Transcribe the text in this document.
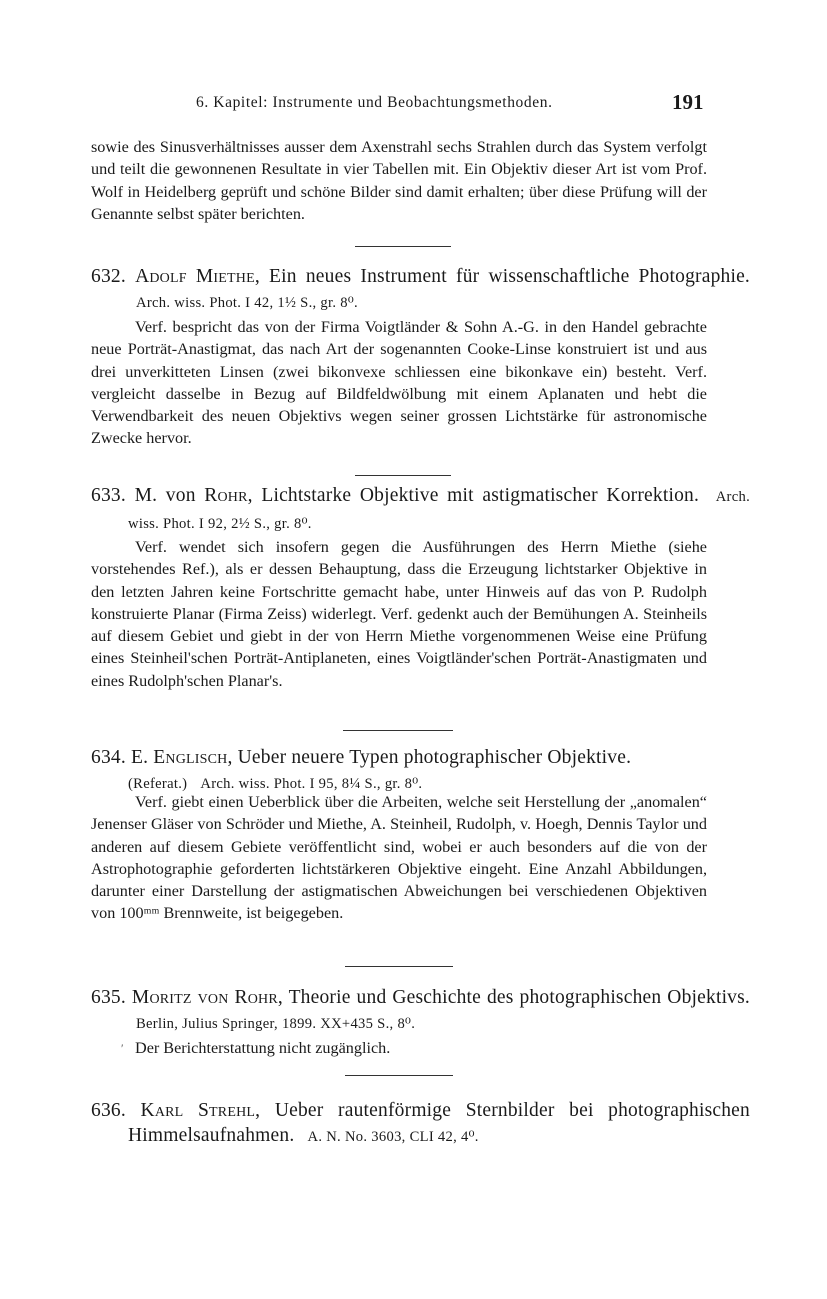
6. Kapitel: Instrumente und Beobachtungsmethoden.	191

sowie des Sinusverhältnisses ausser dem Axenstrahl sechs Strahlen durch das System verfolgt und teilt die gewonnenen Resultate in vier Tabellen mit. Ein Objektiv dieser Art ist vom Prof. Wolf in Heidelberg geprüft und schöne Bilder sind damit erhalten; über diese Prüfung will der Genannte selbst später berichten.

632. Adolf Miethe, Ein neues Instrument für wissenschaftliche Photographie. Arch. wiss. Phot. I 42, 1½ S., gr. 8⁰.

Verf. bespricht das von der Firma Voigtländer & Sohn A.-G. in den Handel gebrachte neue Porträt-Anastigmat, das nach Art der sogenannten Cooke-Linse konstruiert ist und aus drei unverkitteten Linsen (zwei bikonvexe schliessen eine bikonkave ein) besteht. Verf. vergleicht dasselbe in Bezug auf Bildfeldwölbung mit einem Aplanaten und hebt die Verwendbarkeit des neuen Objektivs wegen seiner grossen Lichtstärke für astronomische Zwecke hervor.

633. M. von Rohr, Lichtstarke Objektive mit astigmatischer Korrektion. Arch. wiss. Phot. I 92, 2½ S., gr. 8⁰.

Verf. wendet sich insofern gegen die Ausführungen des Herrn Miethe (siehe vorstehendes Ref.), als er dessen Behauptung, dass die Erzeugung lichtstarker Objektive in den letzten Jahren keine Fortschritte gemacht habe, unter Hinweis auf das von P. Rudolph konstruierte Planar (Firma Zeiss) widerlegt. Verf. gedenkt auch der Bemühungen A. Steinheils auf diesem Gebiet und giebt in der von Herrn Miethe vorgenommenen Weise eine Prüfung eines Steinheil'schen Porträt-Antiplaneten, eines Voigtländer'schen Porträt-Anastigmaten und eines Rudolph'schen Planar's.

634. E. Englisch, Ueber neuere Typen photographischer Objektive.
(Referat.) Arch. wiss. Phot. I 95, 8¼ S., gr. 8⁰.

Verf. giebt einen Ueberblick über die Arbeiten, welche seit Herstellung der „anomalen“ Jenenser Gläser von Schröder und Miethe, A. Steinheil, Rudolph, v. Hoegh, Dennis Taylor und anderen auf diesem Gebiete veröffentlicht sind, wobei er auch besonders auf die von der Astrophotographie geforderten lichtstärkeren Objektive eingeht. Eine Anzahl Abbildungen, darunter einer Darstellung der astigmatischen Abweichungen bei verschiedenen Objektiven von 100ᵐᵐ Brennweite, ist beigegeben.

635. Moritz von Rohr, Theorie und Geschichte des photographischen Objektivs. Berlin, Julius Springer, 1899. XX+435 S., 8⁰.

′ Der Berichterstattung nicht zugänglich.

636. Karl Strehl, Ueber rautenförmige Sternbilder bei photographischen Himmelsaufnahmen. A. N. No. 3603, CLI 42, 4⁰.
